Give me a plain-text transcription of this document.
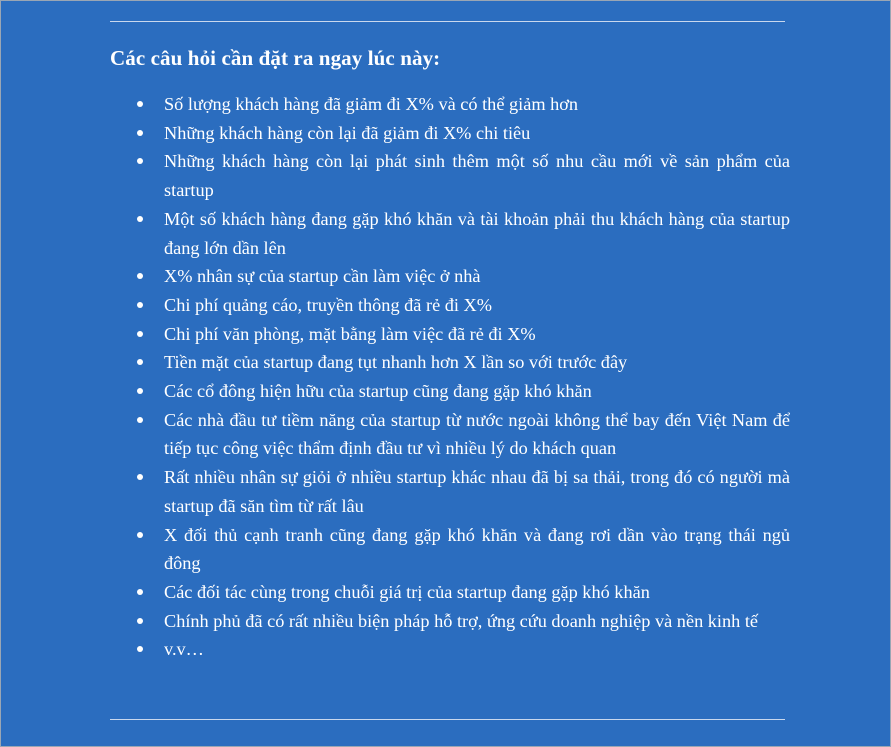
Các câu hỏi cần đặt ra ngay lúc này:
Số lượng khách hàng đã giảm đi X% và có thể giảm hơn
Những khách hàng còn lại đã giảm đi X% chi tiêu
Những khách hàng còn lại phát sinh thêm một số nhu cầu mới về sản phẩm của startup
Một số khách hàng đang gặp khó khăn và tài khoản phải thu khách hàng của startup đang lớn dần lên
X% nhân sự của startup cần làm việc ở nhà
Chi phí quảng cáo, truyền thông đã rẻ đi X%
Chi phí văn phòng, mặt bằng làm việc đã rẻ đi X%
Tiền mặt của startup đang tụt nhanh hơn X lần so với trước đây
Các cổ đông hiện hữu của startup cũng đang gặp khó khăn
Các nhà đầu tư tiềm năng của startup từ nước ngoài không thể bay đến Việt Nam để tiếp tục công việc thẩm định đầu tư vì nhiều lý do khách quan
Rất nhiều nhân sự giỏi ở nhiều startup khác nhau đã bị sa thải, trong đó có người mà startup đã săn tìm từ rất lâu
X đối thủ cạnh tranh cũng đang gặp khó khăn và đang rơi dần vào trạng thái ngủ đông
Các đối tác cùng trong chuỗi giá trị của startup đang gặp khó khăn
Chính phủ đã có rất nhiều biện pháp hỗ trợ, ứng cứu doanh nghiệp và nền kinh tế
v.v…
